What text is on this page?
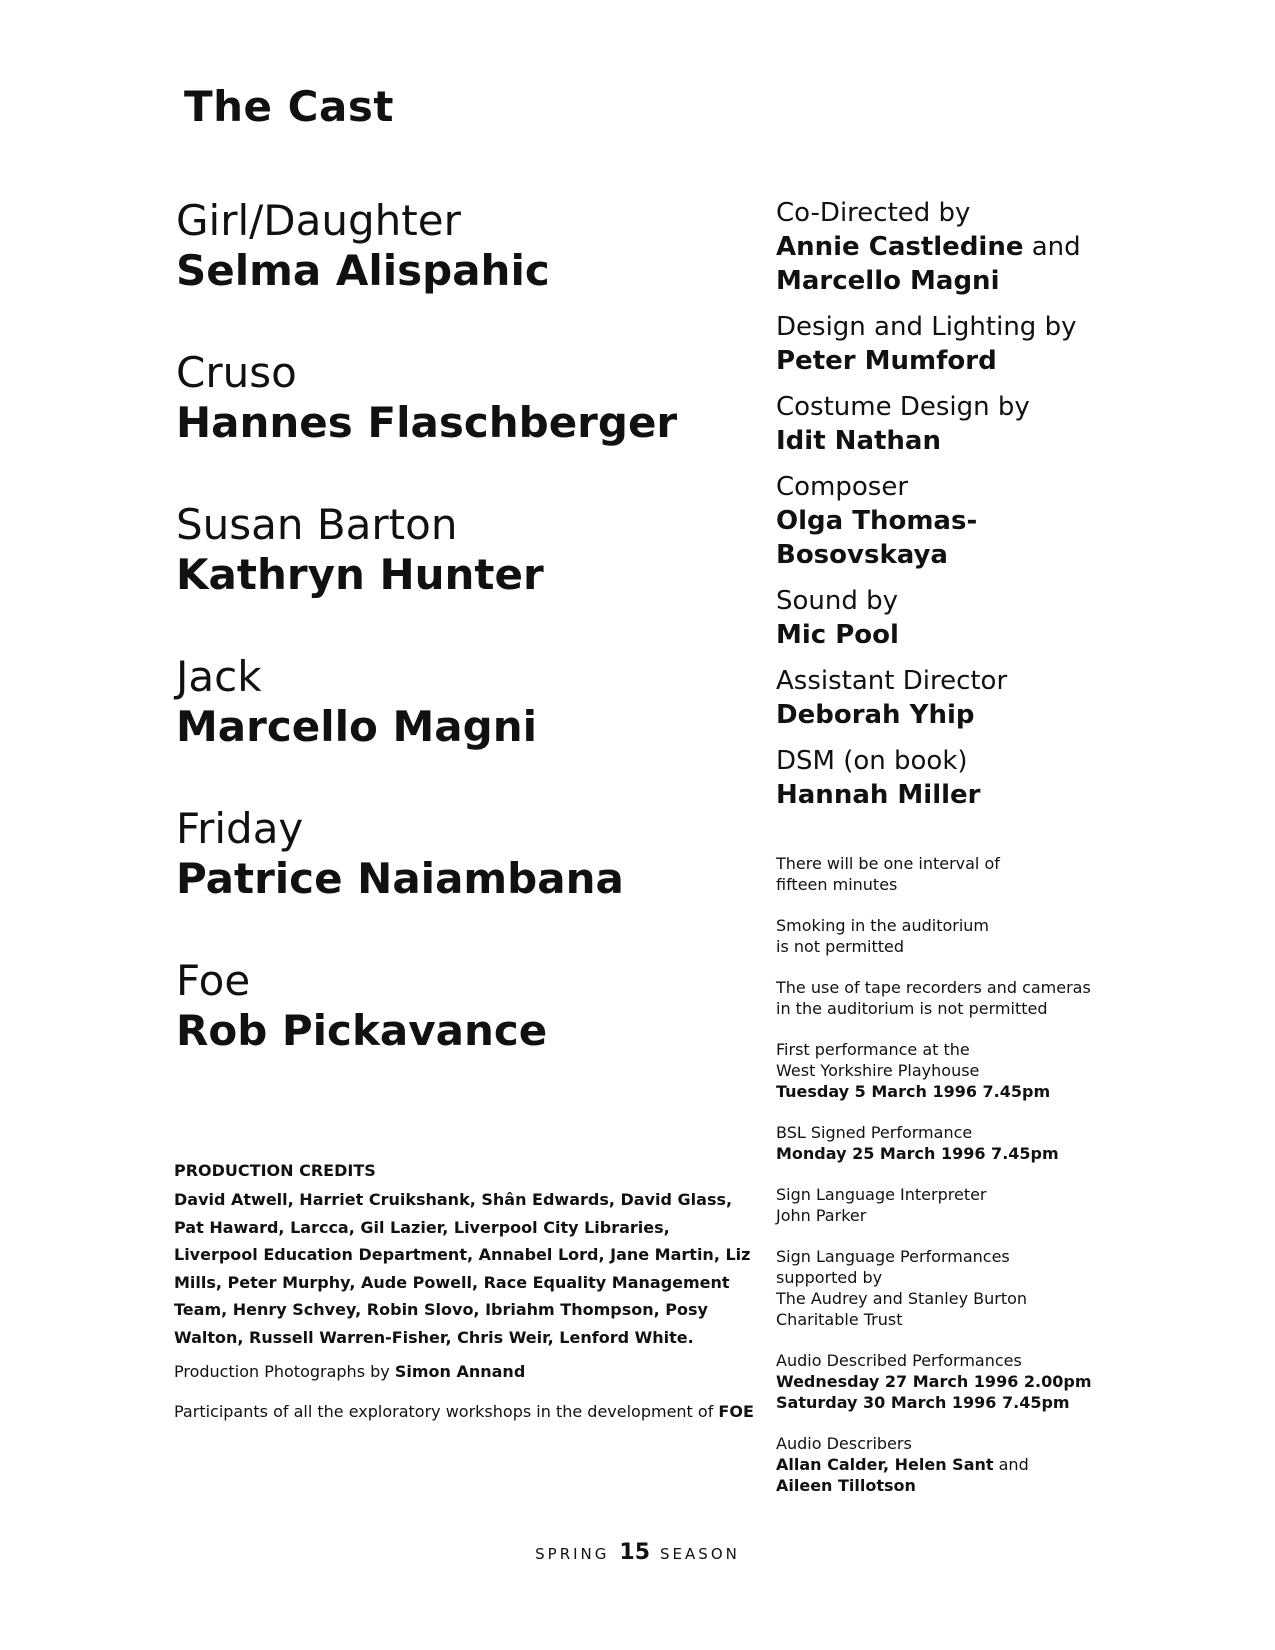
The Cast
Girl/Daughter
Selma Alispahic
Cruso
Hannes Flaschberger
Susan Barton
Kathryn Hunter
Jack
Marcello Magni
Friday
Patrice Naiambana
Foe
Rob Pickavance
Co-Directed by
Annie Castledine and
Marcello Magni
Design and Lighting by
Peter Mumford
Costume Design by
Idit Nathan
Composer
Olga Thomas-
Bosovskaya
Sound by
Mic Pool
Assistant Director
Deborah Yhip
DSM (on book)
Hannah Miller
There will be one interval of
fifteen minutes
Smoking in the auditorium
is not permitted
The use of tape recorders and cameras
in the auditorium is not permitted
First performance at the
West Yorkshire Playhouse
Tuesday 5 March 1996 7.45pm
BSL Signed Performance
Monday 25 March 1996 7.45pm
Sign Language Interpreter
John Parker
Sign Language Performances
supported by
The Audrey and Stanley Burton
Charitable Trust
Audio Described Performances
Wednesday 27 March 1996 2.00pm
Saturday 30 March 1996 7.45pm
Audio Describers
Allan Calder, Helen Sant and
Aileen Tillotson
PRODUCTION CREDITS
David Atwell, Harriet Cruikshank, Shân Edwards, David Glass, Pat Haward, Larcca, Gil Lazier, Liverpool City Libraries, Liverpool Education Department, Annabel Lord, Jane Martin, Liz Mills, Peter Murphy, Aude Powell, Race Equality Management Team, Henry Schvey, Robin Slovo, Ibriahm Thompson, Posy Walton, Russell Warren-Fisher, Chris Weir, Lenford White.
Production Photographs by Simon Annand
Participants of all the exploratory workshops in the development of FOE
SPRING 15 SEASON
